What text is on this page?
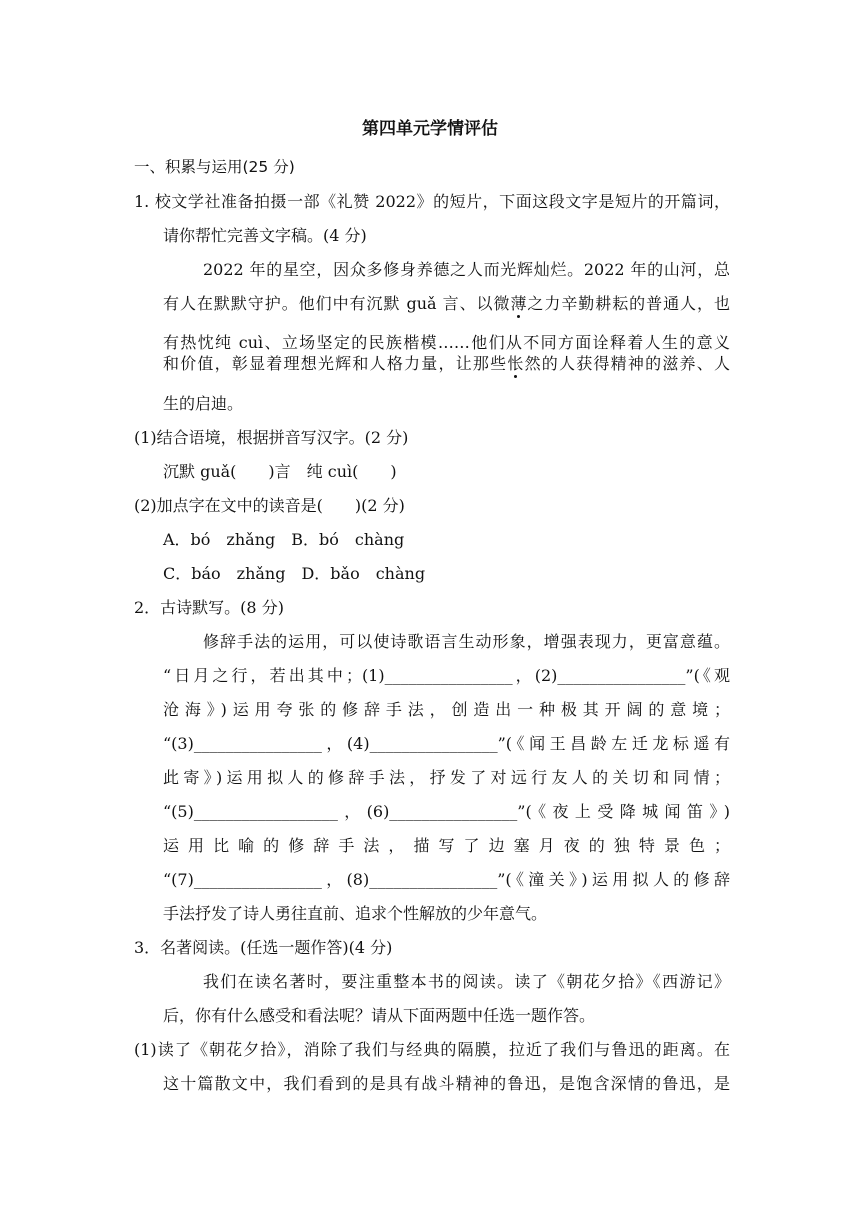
第四单元学情评估
一、积累与运用(25 分)
1. 校文学社准备拍摄一部《礼赞 2022》的短片，下面这段文字是短片的开篇词，
请你帮忙完善文字稿。(4 分)
2022 年的星空，因众多修身养德之人而光辉灿烂。2022 年的山河，总
有人在默默守护。他们中有沉默 guǎ 言、以微薄之力辛勤耕耘的普通人，也
有热忱纯 cuì、立场坚定的民族楷模……他们从不同方面诠释着人生的意义
和价值，彰显着理想光辉和人格力量，让那些怅然的人获得精神的滋养、人
生的启迪。
(1)结合语境，根据拼音写汉字。(2 分)
沉默 guǎ(　　)言　纯 cuì(　　)
(2)加点字在文中的读音是(　　)(2 分)
A．bó　zhǎng　B．bó　chàng
C．báo　zhǎng　D．bǎo　chàng
2．古诗默写。(8 分)
修辞手法的运用，可以使诗歌语言生动形象，增强表现力，更富意蕴。
“日月之行，若出其中；(1)________________，(2)________________”(《观
沧海》)运用夸张的修辞手法，创造出一种极其开阔的意境；
“(3)________________，(4)________________”(《闻王昌龄左迁龙标遥有
此寄》)运用拟人的修辞手法，抒发了对远行友人的关切和同情；
“(5)__________________，(6)________________”(《夜上受降城闻笛》)
运用比喻的修辞手法，描写了边塞月夜的独特景色；
“(7)________________，(8)________________”(《潼关》)运用拟人的修辞
手法抒发了诗人勇往直前、追求个性解放的少年意气。
3．名著阅读。(任选一题作答)(4 分)
我们在读名著时，要注重整本书的阅读。读了《朝花夕拾》《西游记》
后，你有什么感受和看法呢？请从下面两题中任选一题作答。
(1)读了《朝花夕拾》，消除了我们与经典的隔膜，拉近了我们与鲁迅的距离。在
这十篇散文中，我们看到的是具有战斗精神的鲁迅，是饱含深情的鲁迅，是
